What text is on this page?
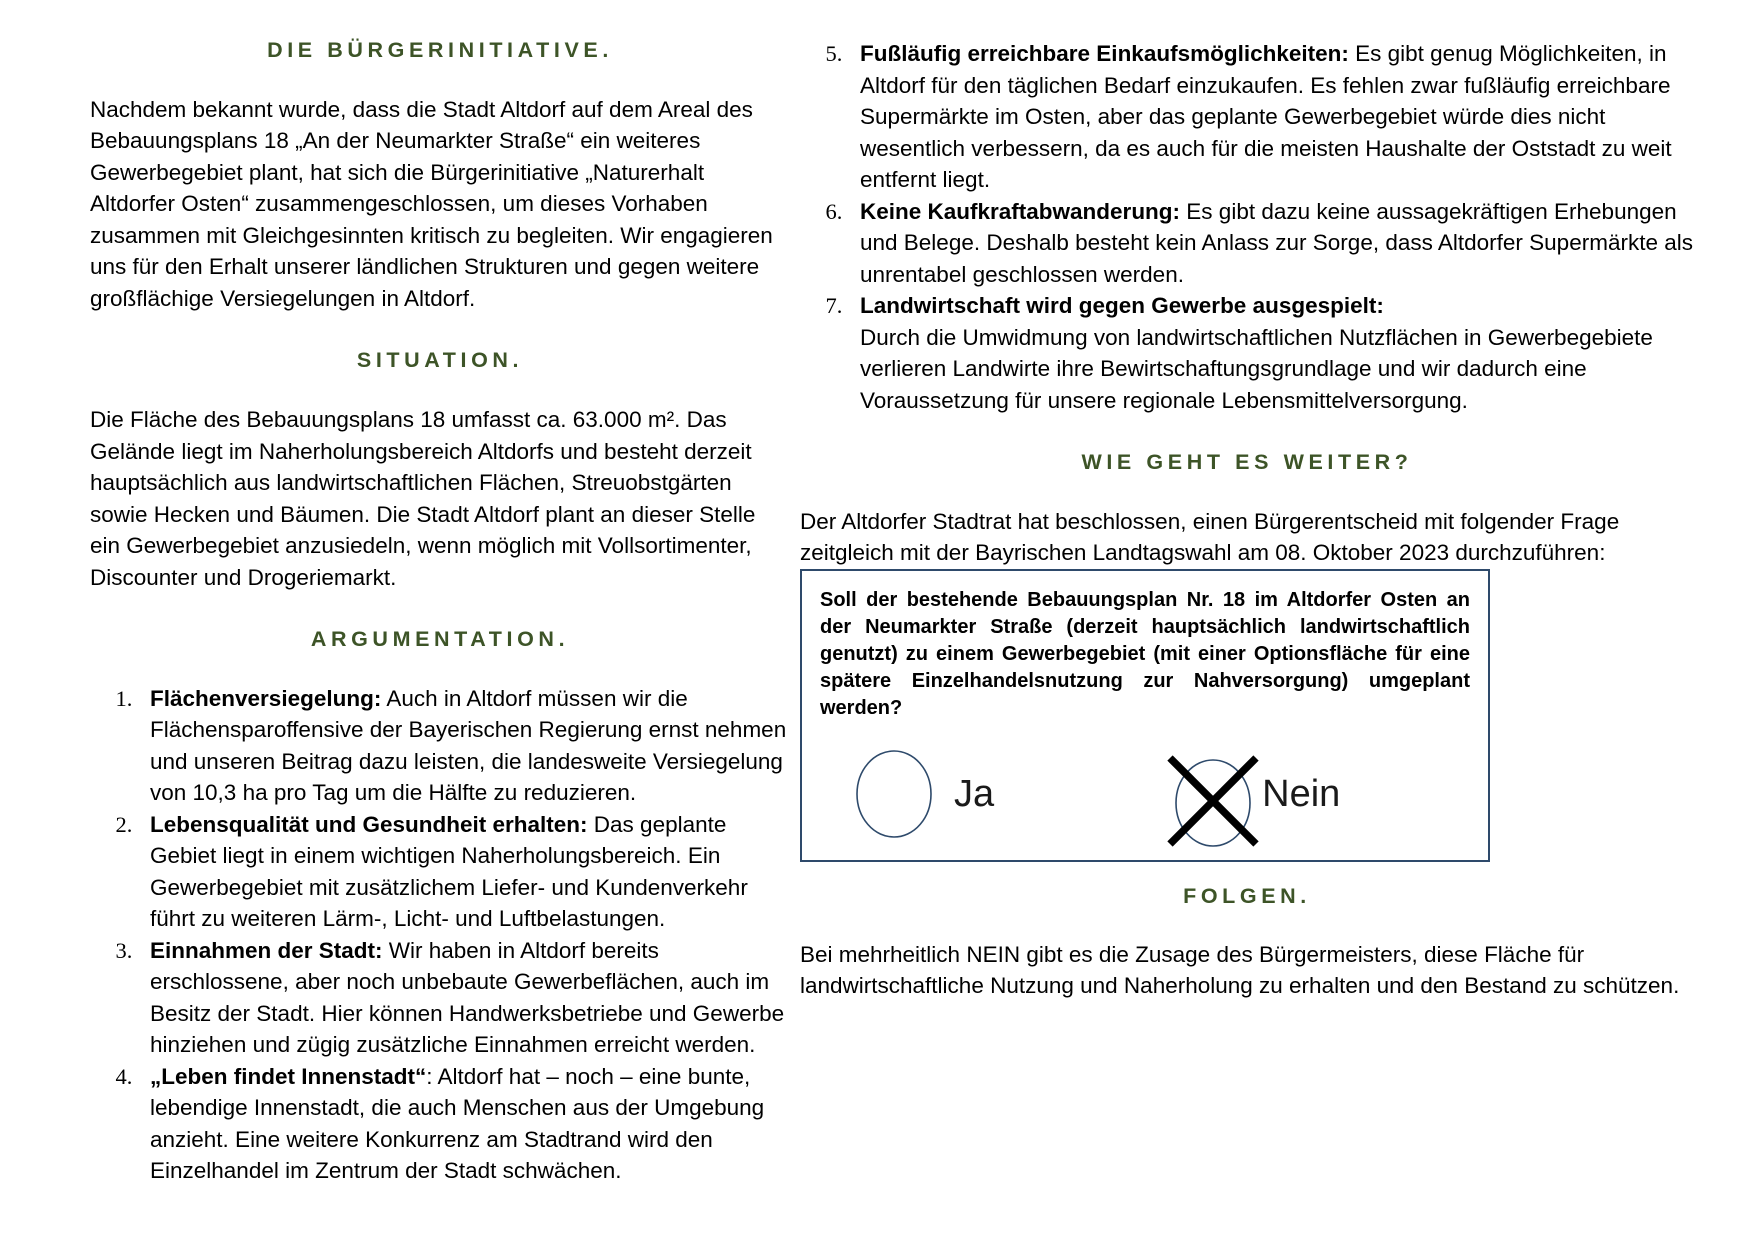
DIE BÜRGERINITIATIVE.

Nachdem bekannt wurde, dass die Stadt Altdorf auf dem Areal des Bebauungsplans 18 „An der Neumarkter Straße“ ein weiteres Gewerbegebiet plant, hat sich die Bürgerinitiative „Naturerhalt Altdorfer Osten“ zusammengeschlossen, um dieses Vorhaben zusammen mit Gleichgesinnten kritisch zu begleiten. Wir engagieren uns für den Erhalt unserer ländlichen Strukturen und gegen weitere großflächige Versiegelungen in Altdorf.

SITUATION.

Die Fläche des Bebauungsplans 18 umfasst ca. 63.000 m². Das Gelände liegt im Naherholungsbereich Altdorfs und besteht derzeit hauptsächlich aus landwirtschaftlichen Flächen, Streuobstgärten sowie Hecken und Bäumen. Die Stadt Altdorf plant an dieser Stelle ein Gewerbegebiet anzusiedeln, wenn möglich mit Vollsortimenter, Discounter und Drogeriemarkt.

ARGUMENTATION.
1. Flächenversiegelung: Auch in Altdorf müssen wir die Flächensparoffensive der Bayerischen Regierung ernst nehmen und unseren Beitrag dazu leisten, die landesweite Versiegelung von 10,3 ha pro Tag um die Hälfte zu reduzieren.
2. Lebensqualität und Gesundheit erhalten: Das geplante Gebiet liegt in einem wichtigen Naherholungsbereich. Ein Gewerbegebiet mit zusätzlichem Liefer- und Kundenverkehr führt zu weiteren Lärm-, Licht- und Luftbelastungen.
3. Einnahmen der Stadt: Wir haben in Altdorf bereits erschlossene, aber noch unbebaute Gewerbeflächen, auch im Besitz der Stadt. Hier können Handwerksbetriebe und Gewerbe hinziehen und zügig zusätzliche Einnahmen erreicht werden.
4. „Leben findet Innenstadt“: Altdorf hat – noch – eine bunte, lebendige Innenstadt, die auch Menschen aus der Umgebung anzieht. Eine weitere Konkurrenz am Stadtrand wird den Einzelhandel im Zentrum der Stadt schwächen.
5. Fußläufig erreichbare Einkaufsmöglichkeiten: Es gibt genug Möglichkeiten, in Altdorf für den täglichen Bedarf einzukaufen. Es fehlen zwar fußläufig erreichbare Supermärkte im Osten, aber das geplante Gewerbegebiet würde dies nicht wesentlich verbessern, da es auch für die meisten Haushalte der Oststadt zu weit entfernt liegt.
6. Keine Kaufkraftabwanderung: Es gibt dazu keine aussagekräftigen Erhebungen und Belege. Deshalb besteht kein Anlass zur Sorge, dass Altdorfer Supermärkte als unrentabel geschlossen werden.
7. Landwirtschaft wird gegen Gewerbe ausgespielt:
Durch die Umwidmung von landwirtschaftlichen Nutzflächen in Gewerbegebiete verlieren Landwirte ihre Bewirtschaftungsgrundlage und wir dadurch eine Voraussetzung für unsere regionale Lebensmittelversorgung.
WIE GEHT ES WEITER?

Der Altdorfer Stadtrat hat beschlossen, einen Bürgerentscheid mit folgender Frage zeitgleich mit der Bayrischen Landtagswahl am 08. Oktober 2023 durchzuführen:

Soll der bestehende Bebauungsplan Nr. 18 im Altdorfer Osten an der Neumarkter Straße (derzeit hauptsächlich landwirtschaftlich genutzt) zu einem Gewerbegebiet (mit einer Optionsfläche für eine spätere Einzelhandelsnutzung zur Nahversorgung) umgeplant werden?

Ja	Nein
FOLGEN.

Bei mehrheitlich NEIN gibt es die Zusage des Bürgermeisters, diese Fläche für landwirtschaftliche Nutzung und Naherholung zu erhalten und den Bestand zu schützen.
